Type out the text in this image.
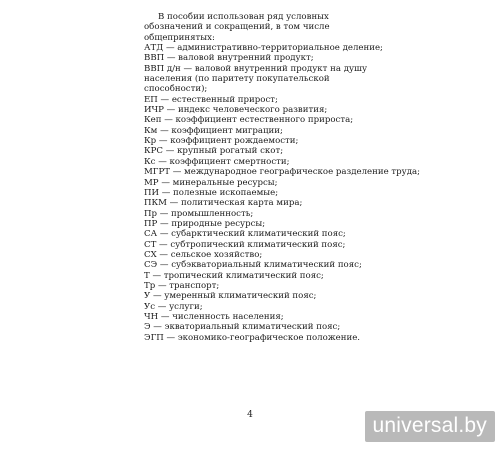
В пособии использован ряд условных обозначений и сокращений, в том числе общепринятых:

АТД — административно-территориальное деление;

ВВП — валовой внутренний продукт;

ВВП д/н — валовой внутренний продукт на душу населения (по паритету покупательской способности);

ЕП — естественный прирост;

ИЧР — индекс человеческого развития;

Кеп — коэффициент естественного прироста;

Км — коэффициент миграции;

Кр — коэффициент рождаемости;

КРС — крупный рогатый скот;

Кс — коэффициент смертности;

МГРТ — международное географическое разделение труда;

МР — минеральные ресурсы;

ПИ — полезные ископаемые;

ПКМ — политическая карта мира;

Пр — промышленность;

ПР — природные ресурсы;

СА — субарктический климатический пояс;

СТ — субтропический климатический пояс;

СХ — сельское хозяйство;

СЭ — субэкваториальный климатический пояс;

Т — тропический климатический пояс;

Тр — транспорт;

У — умеренный климатический пояс;

Ус — услуги;

ЧН — численность населения;

Э — экваториальный климатический пояс;

ЭГП — экономико-географическое положение.

4	universal.by
